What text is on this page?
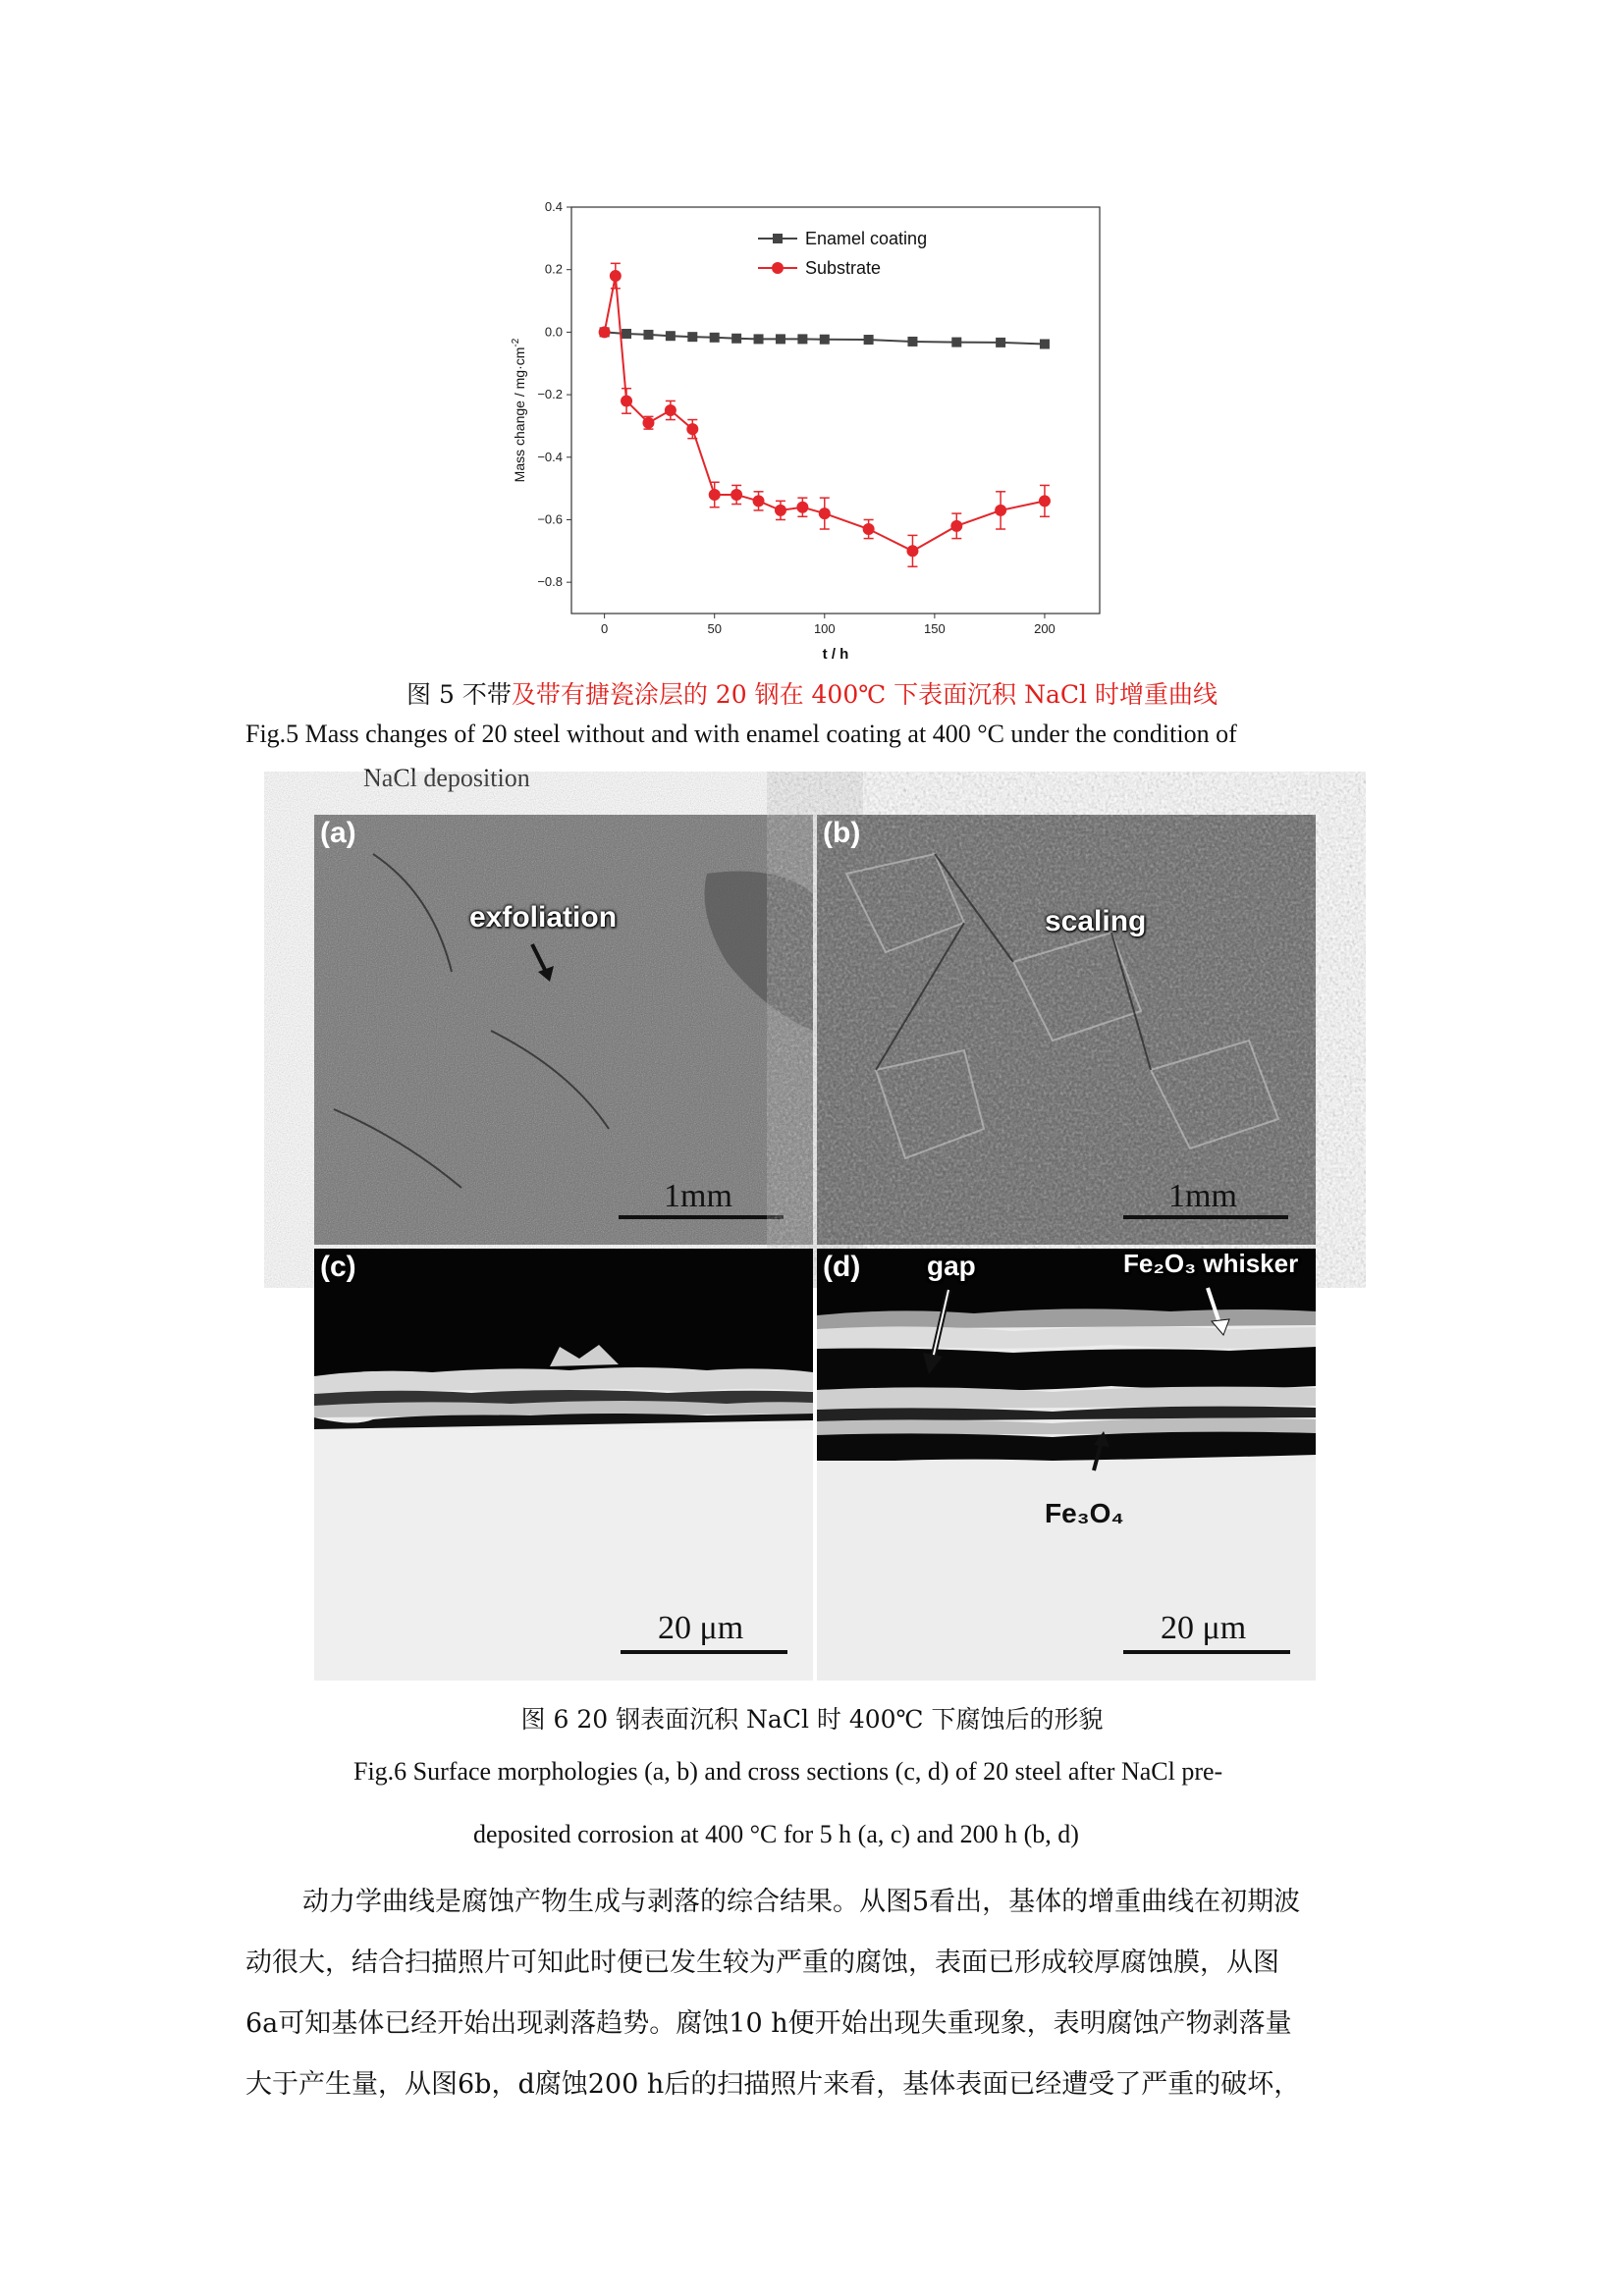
0	50	100	150	200
0.4
0.2
0.0
−0.2
−0.4
−0.6
−0.8
t / h
Mass change / $mg\cdot cm^{-2}$
Enamel coating
Substrate
图 5 不带及带有搪瓷涂层的 20 钢在 400℃ 下表面沉积 NaCl 时增重曲线
Fig.5 Mass changes of 20 steel without and with enamel coating at 400 °C under the condition of
NaCl deposition
(a)
exfoliation
1mm
(b)
scaling
1mm
(c)
20 μm
(d) gap	Fe₂O₃ whisker
Fe₃O₄
20 μm
图 6 20 钢表面沉积 NaCl 时 400℃ 下腐蚀后的形貌
Fig.6 Surface morphologies (a, b) and cross sections (c, d) of 20 steel after NaCl pre-
deposited corrosion at 400 °C for 5 h (a, c) and 200 h (b, d)
动力学曲线是腐蚀产物生成与剥落的综合结果。从图5看出，基体的增重曲线在初期波
动很大，结合扫描照片可知此时便已发生较为严重的腐蚀，表面已形成较厚腐蚀膜，从图
6a可知基体已经开始出现剥落趋势。腐蚀10 h便开始出现失重现象，表明腐蚀产物剥落量
大于产生量，从图6b，d腐蚀200 h后的扫描照片来看，基体表面已经遭受了严重的破坏，
